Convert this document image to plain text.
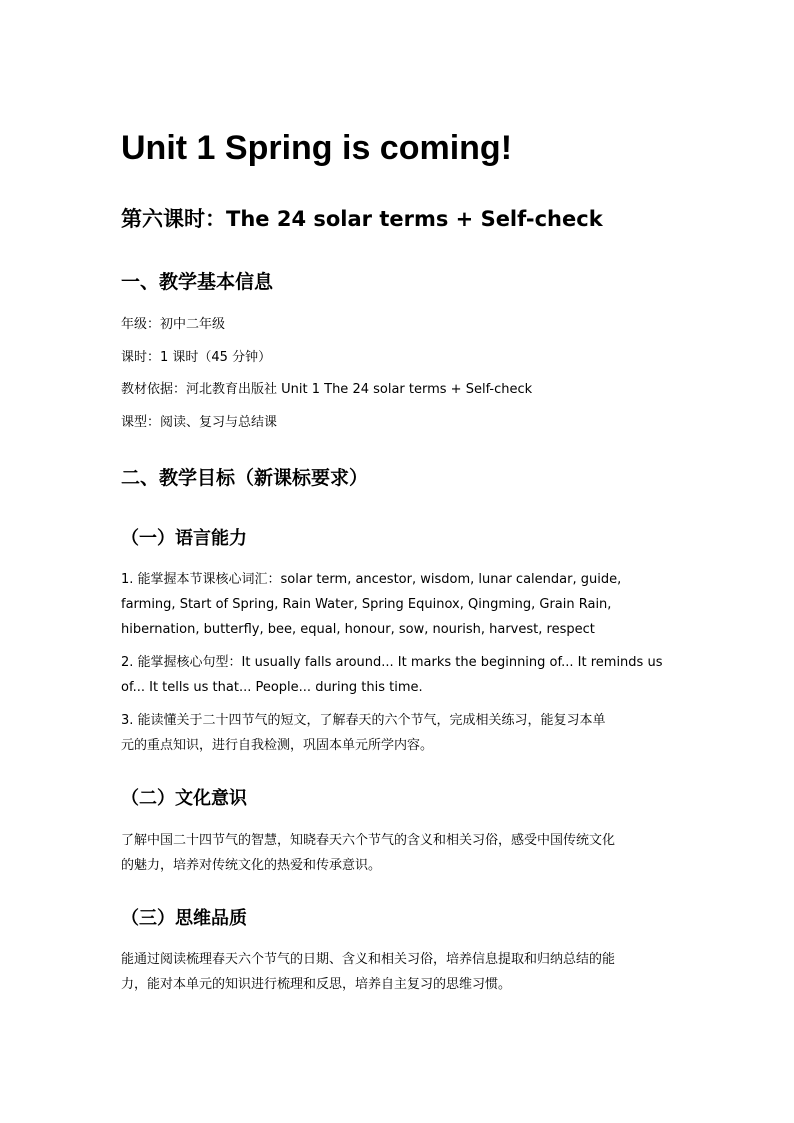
Unit 1 Spring is coming!
第六课时：The 24 solar terms + Self-check
一、教学基本信息
年级：初中二年级
课时：1 课时（45 分钟）
教材依据：河北教育出版社 Unit 1 The 24 solar terms + Self-check
课型：阅读、复习与总结课
二、教学目标（新课标要求）
（一）语言能力
1. 能掌握本节课核心词汇：solar term, ancestor, wisdom, lunar calendar, guide,
farming, Start of Spring, Rain Water, Spring Equinox, Qingming, Grain Rain,
hibernation, butterfly, bee, equal, honour, sow, nourish, harvest, respect
2. 能掌握核心句型：It usually falls around... It marks the beginning of... It reminds us
of... It tells us that... People... during this time.
3. 能读懂关于二十四节气的短文，了解春天的六个节气，完成相关练习，能复习本单
元的重点知识，进行自我检测，巩固本单元所学内容。
（二）文化意识
了解中国二十四节气的智慧，知晓春天六个节气的含义和相关习俗，感受中国传统文化
的魅力，培养对传统文化的热爱和传承意识。
（三）思维品质
能通过阅读梳理春天六个节气的日期、含义和相关习俗，培养信息提取和归纳总结的能
力，能对本单元的知识进行梳理和反思，培养自主复习的思维习惯。
